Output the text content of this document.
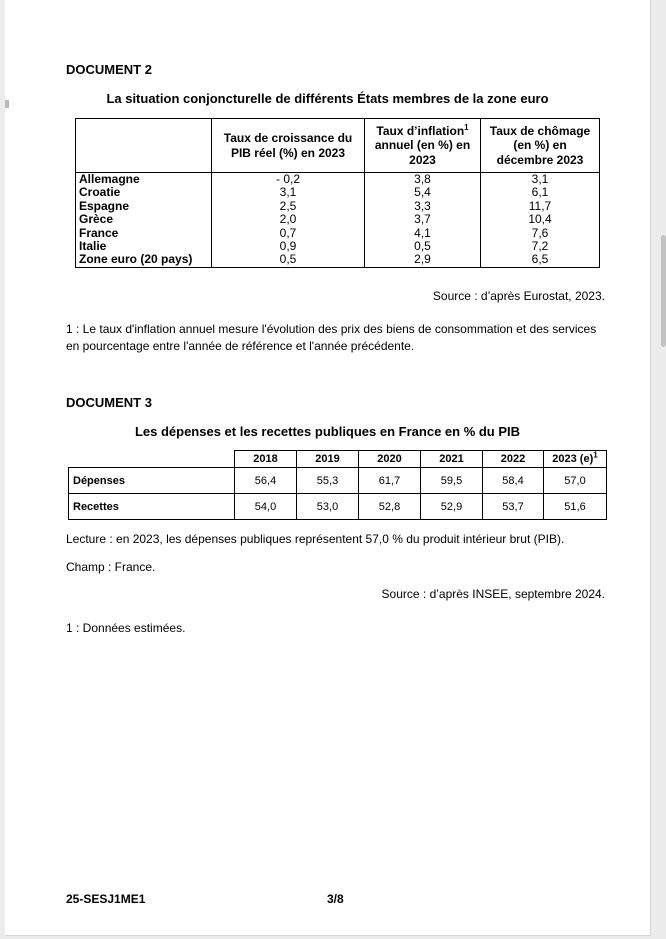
DOCUMENT 2
La situation conjoncturelle de différents États membres de la zone euro
	Taux de croissance du PIB réel (%) en 2023	Taux d’inflation$^1$ annuel (en %) en 2023	Taux de chômage (en %) en décembre 2023
Allemagne	- 0,2	3,8	3,1
Croatie	3,1	5,4	6,1
Espagne	2,5	3,3	11,7
Grèce	2,0	3,7	10,4
France	0,7	4,1	7,6
Italie	0,9	0,5	7,2
Zone euro (20 pays)	0,5	2,9	6,5
Source : d’après Eurostat, 2023.
1 : Le taux d'inflation annuel mesure l'évolution des prix des biens de consommation et des services en pourcentage entre l'année de référence et l'année précédente.
DOCUMENT 3
Les dépenses et les recettes publiques en France en % du PIB
	2018	2019	2020	2021	2022	2023 $(e)^1$
Dépenses	56,4	55,3	61,7	59,5	58,4	57,0
Recettes	54,0	53,0	52,8	52,9	53,7	51,6
Lecture : en 2023, les dépenses publiques représentent 57,0 % du produit intérieur brut (PIB).
Champ : France.
Source : d’après INSEE, septembre 2024.
1 : Données estimées.
25-SESJ1ME1	3/8
